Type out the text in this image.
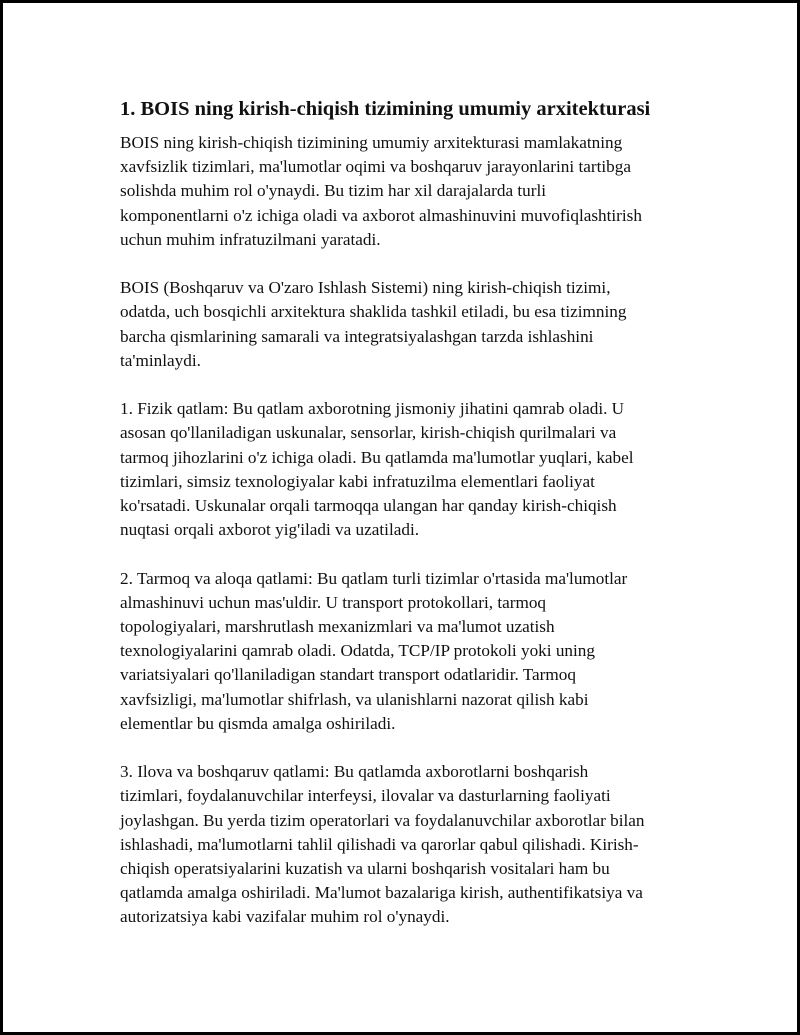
1. BOIS ning kirish-chiqish tizimining umumiy arxitekturasi
BOIS ning kirish-chiqish tizimining umumiy arxitekturasi mamlakatning
xavfsizlik tizimlari, ma'lumotlar oqimi va boshqaruv jarayonlarini tartibga
solishda muhim rol o'ynaydi. Bu tizim har xil darajalarda turli
komponentlarni o'z ichiga oladi va axborot almashinuvini muvofiqlashtirish
uchun muhim infratuzilmani yaratadi.
BOIS (Boshqaruv va O'zaro Ishlash Sistemi) ning kirish-chiqish tizimi,
odatda, uch bosqichli arxitektura shaklida tashkil etiladi, bu esa tizimning
barcha qismlarining samarali va integratsiyalashgan tarzda ishlashini
ta'minlaydi.
1. Fizik qatlam: Bu qatlam axborotning jismoniy jihatini qamrab oladi. U
asosan qo'llaniladigan uskunalar, sensorlar, kirish-chiqish qurilmalari va
tarmoq jihozlarini o'z ichiga oladi. Bu qatlamda ma'lumotlar yuqlari, kabel
tizimlari, simsiz texnologiyalar kabi infratuzilma elementlari faoliyat
ko'rsatadi. Uskunalar orqali tarmoqqa ulangan har qanday kirish-chiqish
nuqtasi orqali axborot yig'iladi va uzatiladi.
2. Tarmoq va aloqa qatlami: Bu qatlam turli tizimlar o'rtasida ma'lumotlar
almashinuvi uchun mas'uldir. U transport protokollari, tarmoq
topologiyalari, marshrutlash mexanizmlari va ma'lumot uzatish
texnologiyalarini qamrab oladi. Odatda, TCP/IP protokoli yoki uning
variatsiyalari qo'llaniladigan standart transport odatlaridir. Tarmoq
xavfsizligi, ma'lumotlar shifrlash, va ulanishlarni nazorat qilish kabi
elementlar bu qismda amalga oshiriladi.
3. Ilova va boshqaruv qatlami: Bu qatlamda axborotlarni boshqarish
tizimlari, foydalanuvchilar interfeysi, ilovalar va dasturlarning faoliyati
joylashgan. Bu yerda tizim operatorlari va foydalanuvchilar axborotlar bilan
ishlashadi, ma'lumotlarni tahlil qilishadi va qarorlar qabul qilishadi. Kirish-
chiqish operatsiyalarini kuzatish va ularni boshqarish vositalari ham bu
qatlamda amalga oshiriladi. Ma'lumot bazalariga kirish, authentifikatsiya va
autorizatsiya kabi vazifalar muhim rol o'ynaydi.
